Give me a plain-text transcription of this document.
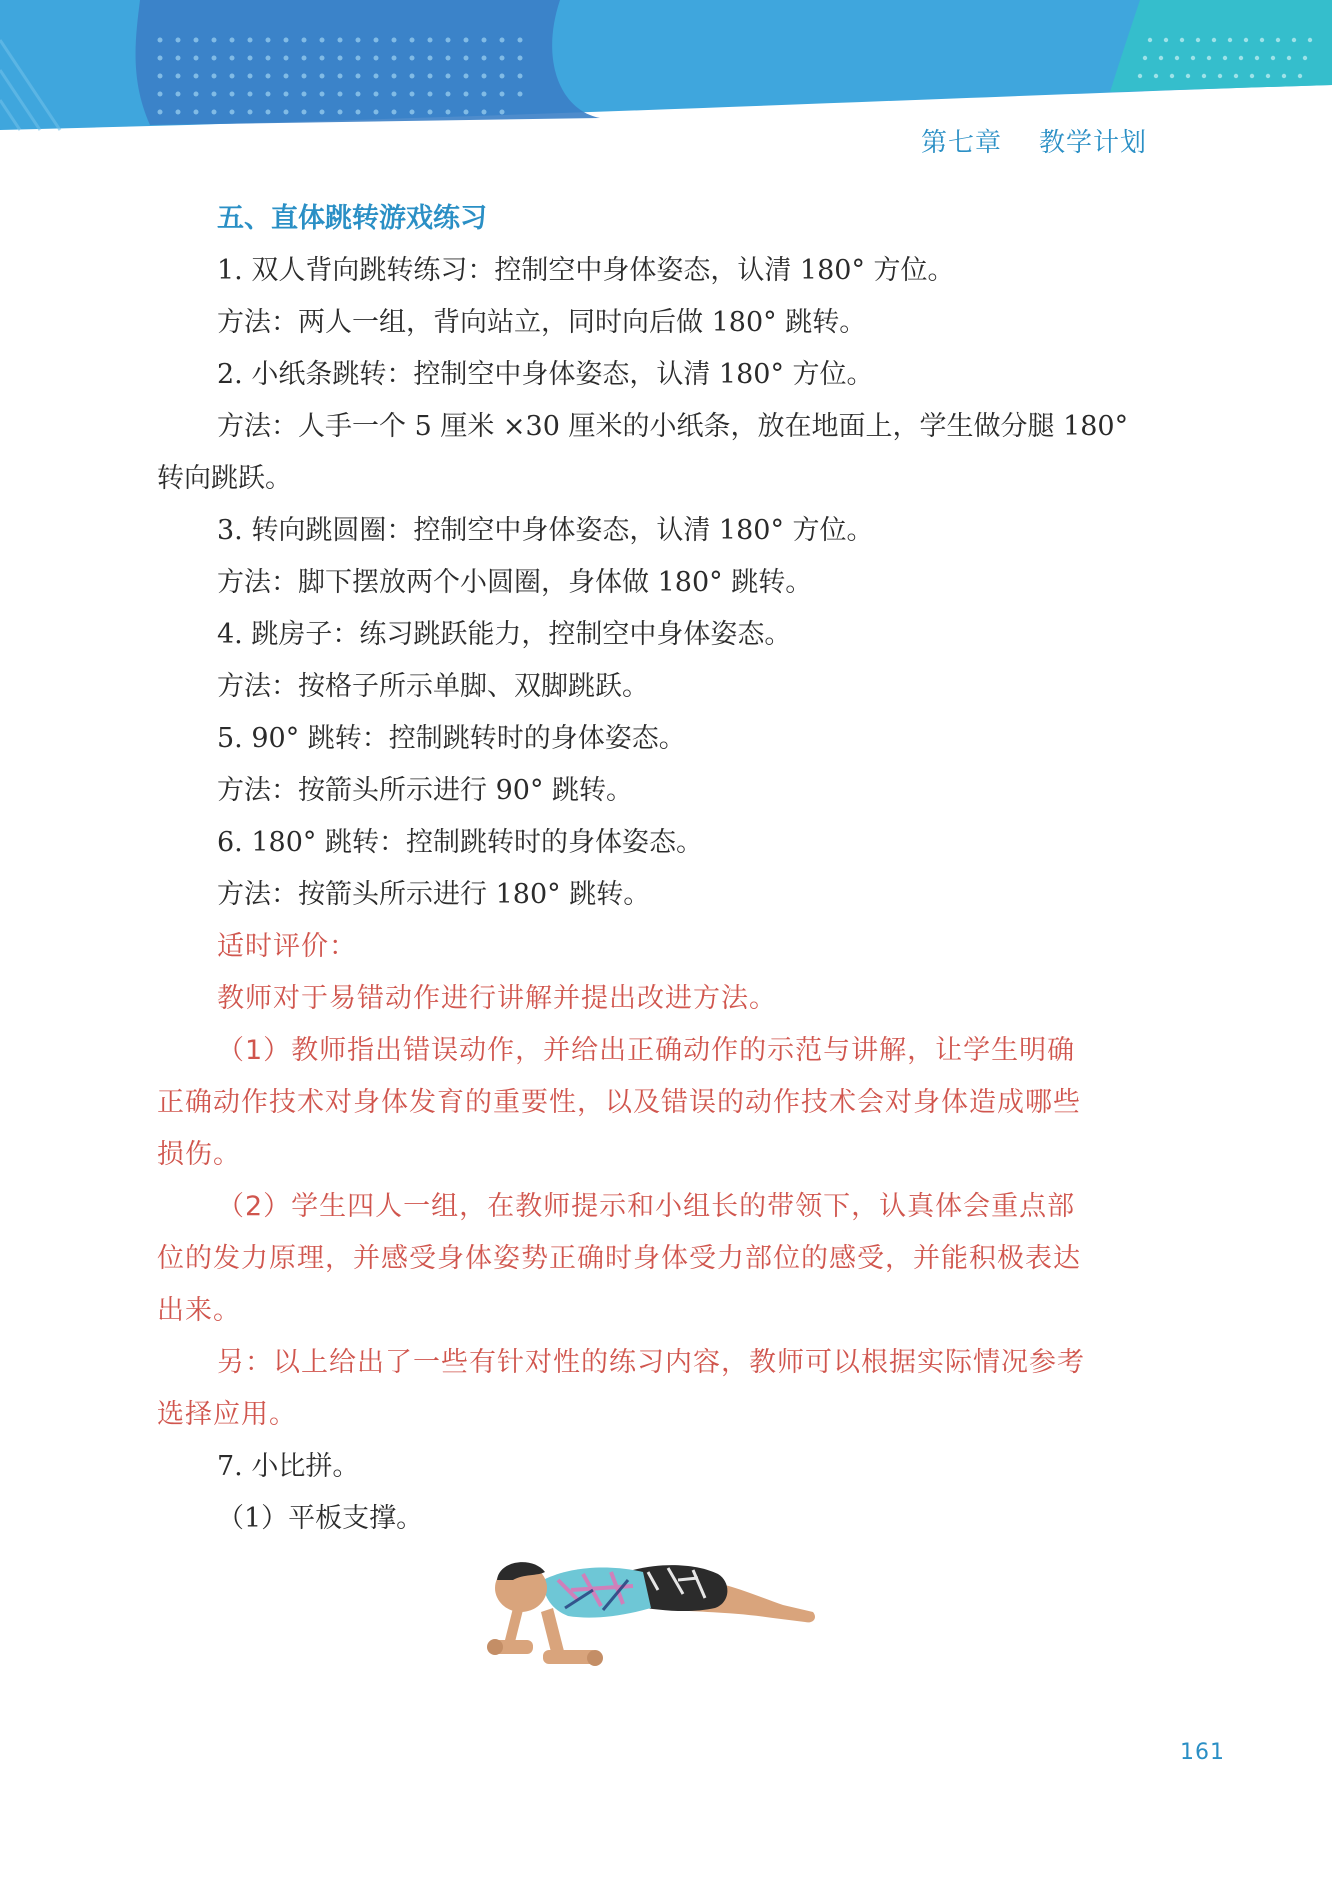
第七章    教学计划
五、直体跳转游戏练习
1. 双人背向跳转练习：控制空中身体姿态，认清 180° 方位。
方法：两人一组，背向站立，同时向后做 180° 跳转。
2. 小纸条跳转：控制空中身体姿态，认清 180° 方位。
方法：人手一个 5 厘米 ×30 厘米的小纸条，放在地面上，学生做分腿 180°
转向跳跃。
3. 转向跳圆圈：控制空中身体姿态，认清 180° 方位。
方法：脚下摆放两个小圆圈，身体做 180° 跳转。
4. 跳房子：练习跳跃能力，控制空中身体姿态。
方法：按格子所示单脚、双脚跳跃。
5. 90° 跳转：控制跳转时的身体姿态。
方法：按箭头所示进行 90° 跳转。
6. 180° 跳转：控制跳转时的身体姿态。
方法：按箭头所示进行 180° 跳转。
适时评价：
教师对于易错动作进行讲解并提出改进方法。
（1）教师指出错误动作，并给出正确动作的示范与讲解，让学生明确
正确动作技术对身体发育的重要性，以及错误的动作技术会对身体造成哪些
损伤。
（2）学生四人一组，在教师提示和小组长的带领下，认真体会重点部
位的发力原理，并感受身体姿势正确时身体受力部位的感受，并能积极表达
出来。
另：以上给出了一些有针对性的练习内容，教师可以根据实际情况参考
选择应用。
7. 小比拼。
（1）平板支撑。
161
